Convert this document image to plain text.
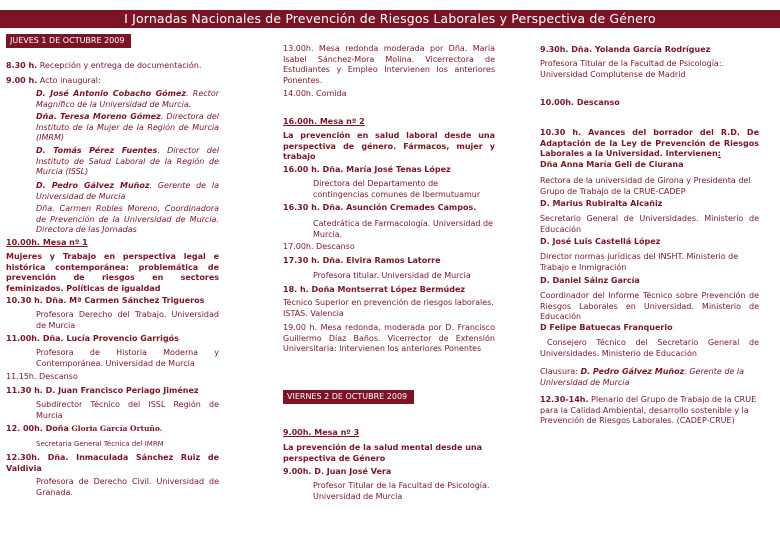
I Jornadas Nacionales de Prevención de Riesgos Laborales y Perspectiva de Género
JUEVES 1 DE OCTUBRE 2009

8.30 h. Recepción y entrega de documentación.

9.00 h. Acto inaugural:

D. José Antonio Cobacho Gómez. Rector Magnífico de la Universidad de Murcia.

Dña. Teresa Moreno Gómez. Directora del Instituto de la Mujer de la Región de Murcia (IMRM)

D. Tomás Pérez Fuentes. Director del Instituto de Salud Laboral de la Región de Murcia (ISSL)

D. Pedro Gálvez Muñoz. Gerente de la Universidad de Murcia

Dña. Carmen Robles Moreno, Coordinadora de Prevención de la Universidad de Murcia. Directora de las Jornadas

10.00h. Mesa nº 1

Mujeres y Trabajo en perspectiva legal e histórica contemporánea: problemática de prevención de riesgos en sectores feminizados. Políticas de igualdad

10.30 h. Dña. Mª Carmen Sánchez Trigueros

Profesora Derecho del Trabajo. Universidad de Murcia

11.00h. Dña. Lucía Provencio Garrigós

Profesora de Historia Moderna y Contemporánea. Universidad de Murcia

11.15h. Descanso

11.30 h. D. Juan Francisco Periago Jiménez

Subdirector Técnico del ISSL Región de Murcia

12. 00h. Doña Gloria García Ortuño.

Secretaria General Técnica del IMRM

12.30h. Dña. Inmaculada Sánchez Ruiz de Valdivia

Profesora de Derecho Civil. Universidad de Granada.

13.00h. Mesa redonda moderada por Dña. María Isabel Sánchez-Mora Molina. Vicerrectora de Estudiantes y Empleo Intervienen los anteriores Ponentes.

14.00h. Comida

16.00h. Mesa nº 2

La prevención en salud laboral desde una perspectiva de género. Fármacos, mujer y trabajo

16.00 h. Dña. María José Tenas López

Directora del Departamento de contingencias comunes de Ibermutuamur

16.30 h. Dña. Asunción Cremades Campos.

Catedrática de Farmacología. Universidad de Murcia.

17.00h. Descanso

17.30 h. Dña. Elvira Ramos Latorre

Profesora titular. Universidad de Murcia

18. h. Doña Montserrat López Bermúdez

Técnico Superior en prevención de riesgos laborales. ISTAS. Valencia

19.00 h. Mesa redonda, moderada por D. Francisco Guillermo Díaz Baños. Vicerrector de Extensión Universitaria: Intervienen los anteriores Ponentes

VIERNES 2 DE OCTUBRE 2009

9.00h. Mesa nº 3

La prevención de la salud mental desde una perspectiva de Género

9.00h. D. Juan José Vera

Profesor Titular de la Facultad de Psicología. Universidad de Murcia

9.30h. Dña. Yolanda García Rodríguez

Profesora Titular de la Facultad de Psicología:. Universidad Complutense de Madrid

10.00h. Descanso

10.30 h. Avances del borrador del R.D. De Adaptación de la Ley de Prevención de Riesgos Laborales a la Universidad. Intervienen:

Dña Anna María Geli de Ciurana

Rectora de la universidad de Girona y Presidenta del Grupo de Trabajo de la CRUE-CADEP

D. Marius Rubiralta Alcañiz

Secretario General de Universidades. Ministerio de Educación

D. José Luis Castellá López

Director normas jurídicas del INSHT. Ministerio de Trabajo e Inmigración

D. Daniel Sáinz García

Coordinador del Informe Técnico sobre Prevención de Riesgos Laborales en Universidad. Ministerio de Educación

D Felipe Batuecas Franquerio

Consejero Técnico del Secretario General de Universidades. Ministerio de Educación

Clausura: D. Pedro Gálvez Muñoz. Gerente de la Universidad de Murcia

12.30-14h. Plenario del Grupo de Trabajo de la CRUE para la Calidad Ambiental, desarrollo sostenible y la Prevención de Riesgos Laborales. (CADEP-CRUE)
